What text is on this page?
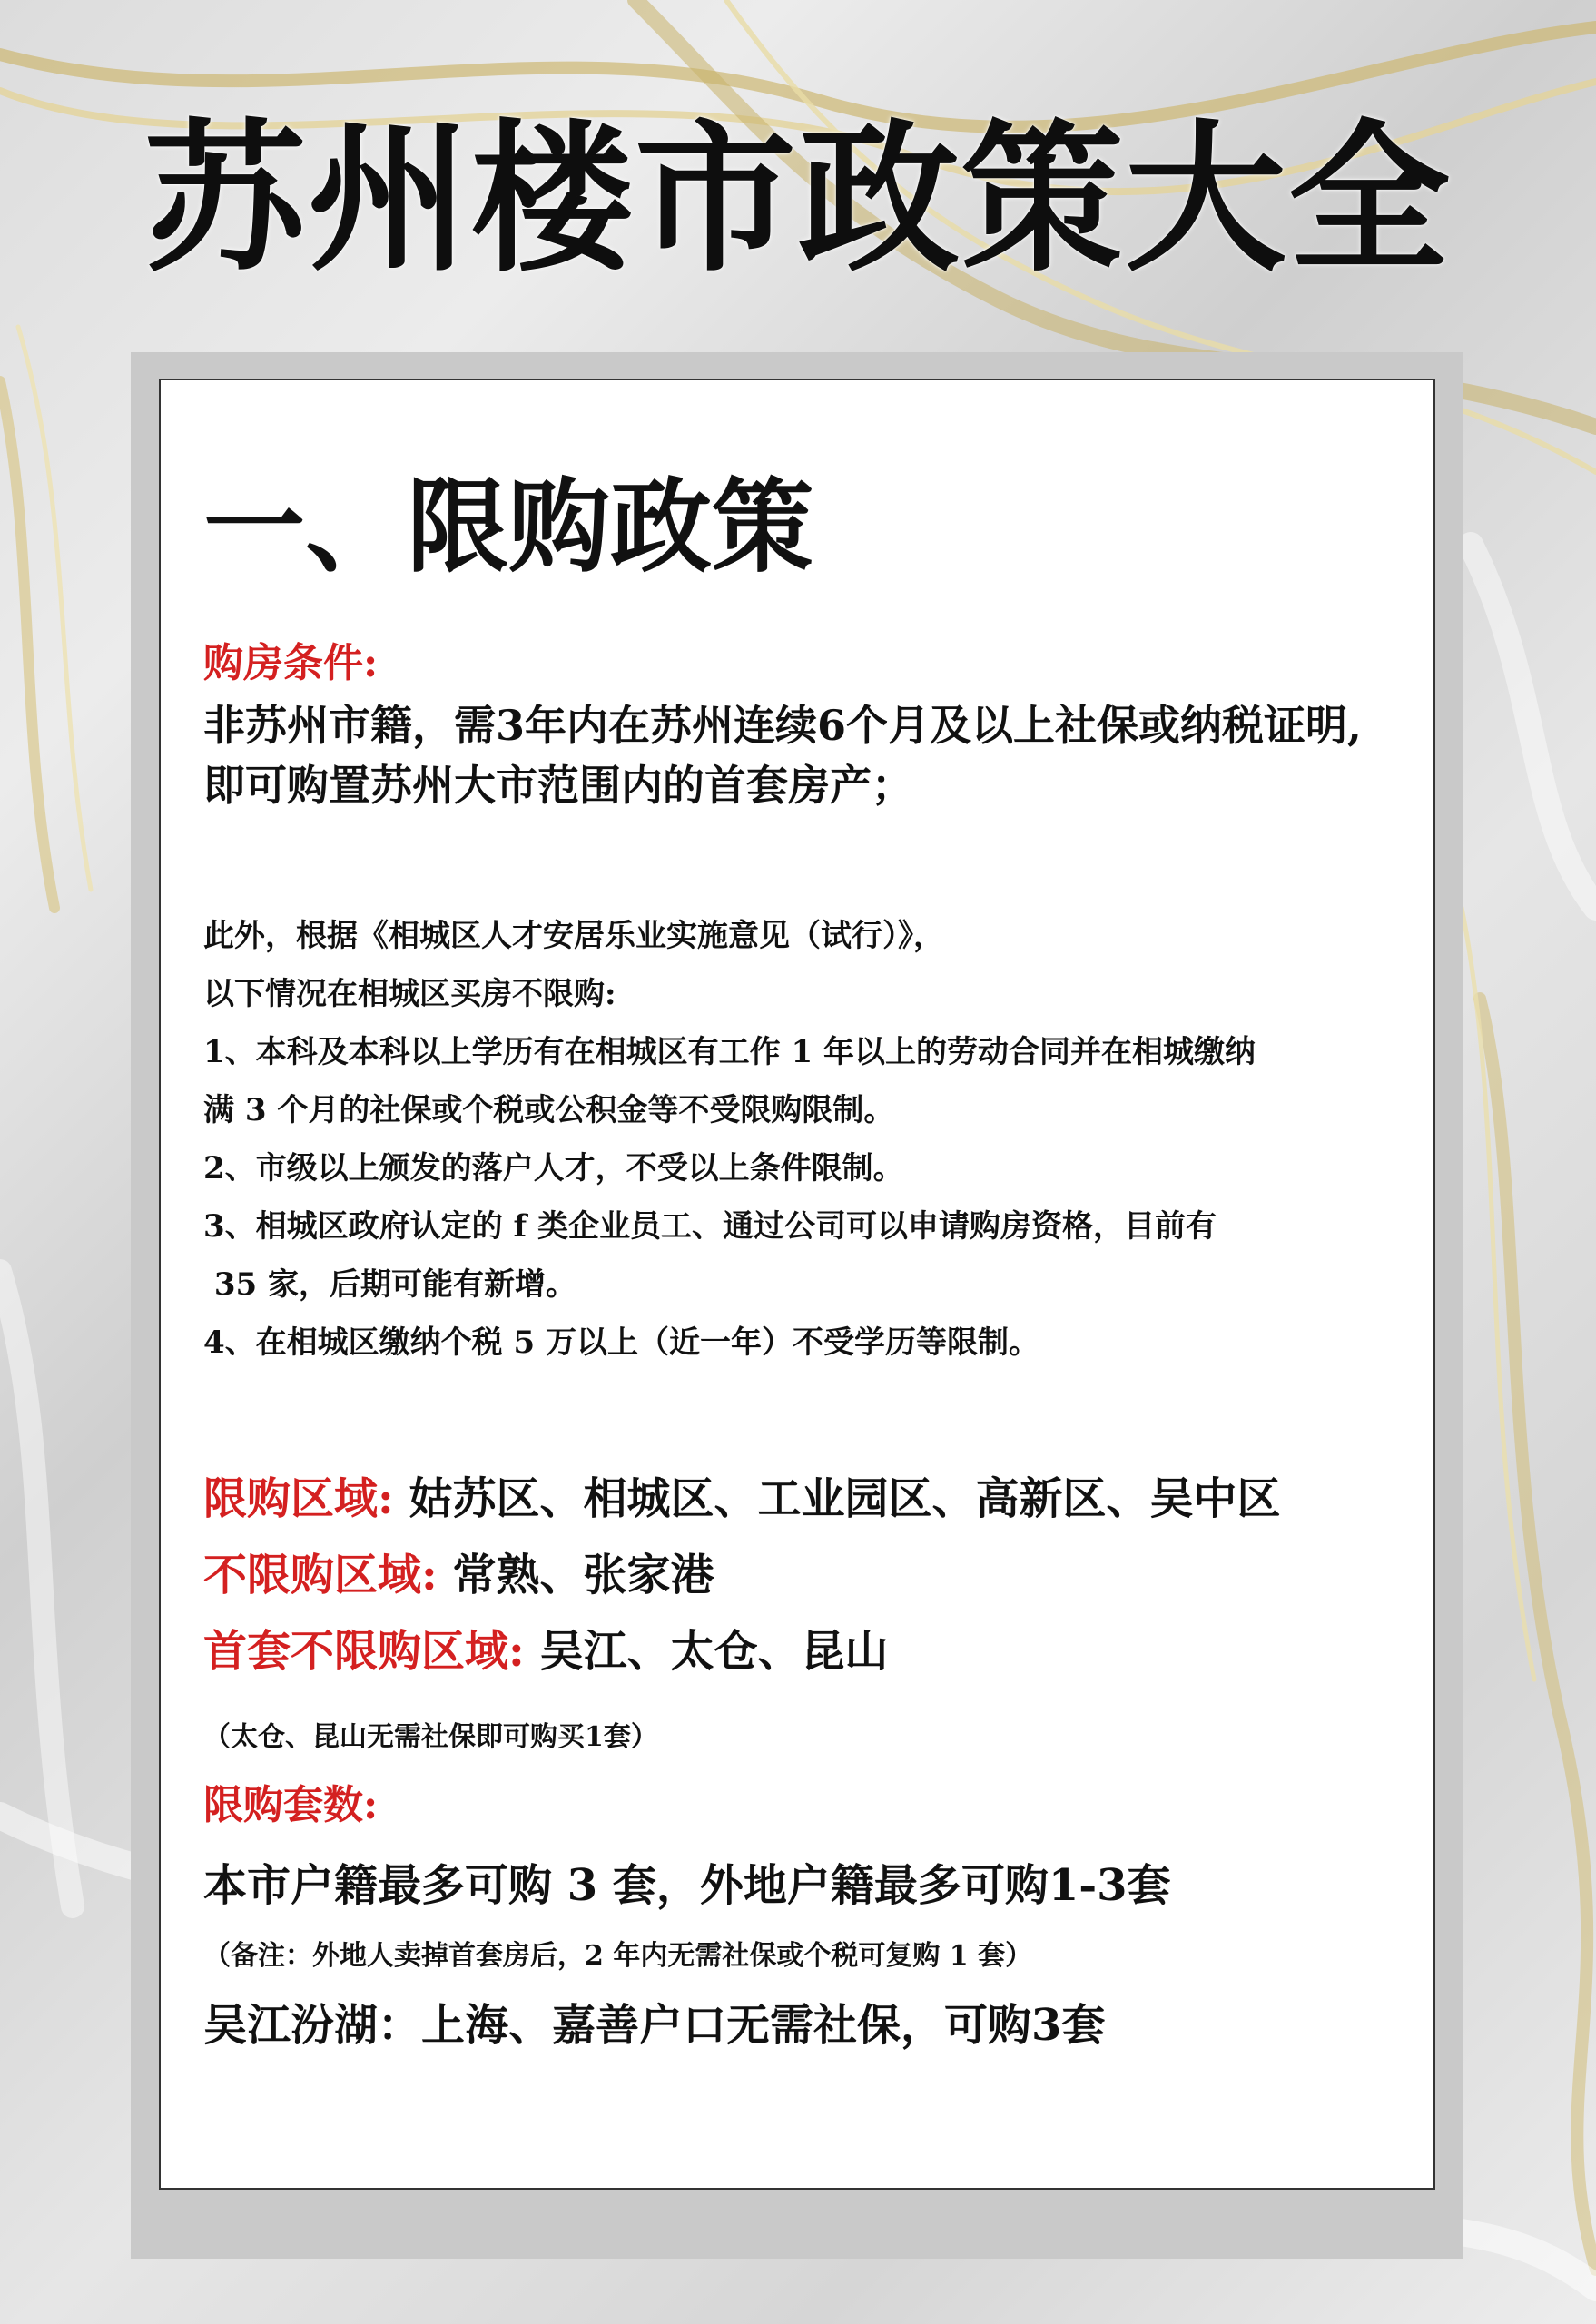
苏州楼市政策大全
一、限购政策
购房条件:
非苏州市籍，需3年内在苏州连续6个月及以上社保或纳税证明,
即可购置苏州大市范围内的首套房产；
此外，根据《相城区人才安居乐业实施意见（试行）》，
以下情况在相城区买房不限购:
1、本科及本科以上学历有在相城区有工作 1 年以上的劳动合同并在相城缴纳
满 3 个月的社保或个税或公积金等不受限购限制。
2、市级以上颁发的落户人才，不受以上条件限制。
3、相城区政府认定的 f 类企业员工、通过公司可以申请购房资格，目前有
35 家，后期可能有新增。
4、在相城区缴纳个税 5 万以上（近一年）不受学历等限制。
限购区域: 姑苏区、相城区、工业园区、高新区、吴中区
不限购区域: 常熟、张家港
首套不限购区域: 吴江、太仓、昆山
（太仓、昆山无需社保即可购买1套）
限购套数:
本市户籍最多可购 3 套，外地户籍最多可购1-3套
（备注：外地人卖掉首套房后，2 年内无需社保或个税可复购 1 套）
吴江汾湖：上海、嘉善户口无需社保，可购3套
